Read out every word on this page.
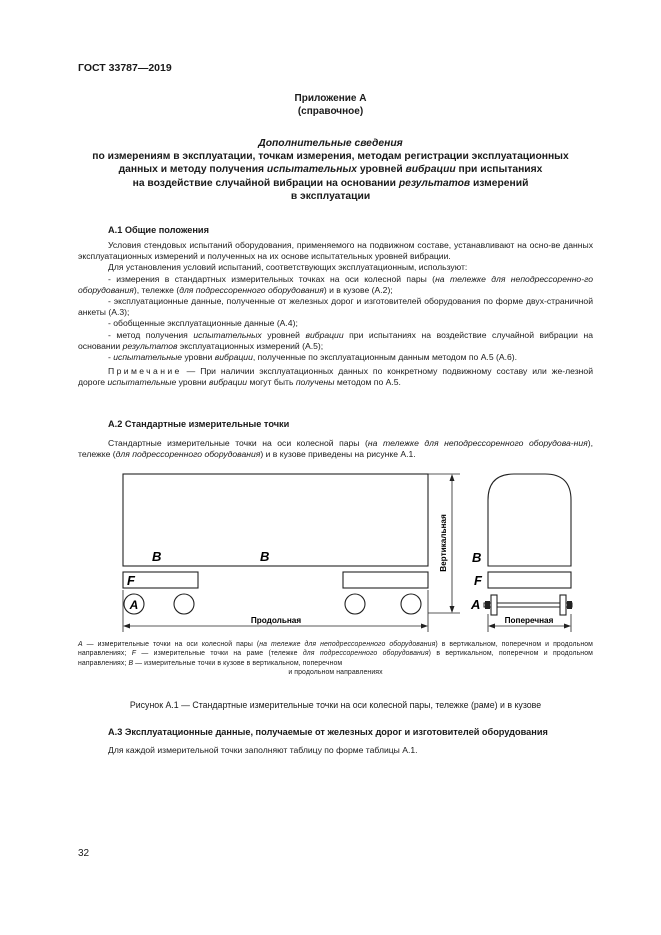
ГОСТ 33787—2019
Приложение А
(справочное)
Дополнительные сведения
по измерениям в эксплуатации, точкам измерения, методам регистрации эксплуатационных
данных и методу получения испытательных уровней вибрации при испытаниях
на воздействие случайной вибрации на основании результатов измерений
в эксплуатации
А.1 Общие положения

Условия стендовых испытаний оборудования, применяемого на подвижном составе, устанавливают на осно-ве данных эксплуатационных измерений и полученных на их основе испытательных уровней вибрации.

Для установления условий испытаний, соответствующих эксплуатационным, используют:

- измерения в стандартных измерительных точках на оси колесной пары (на тележке для неподрессоренно-го оборудования), тележке (для подрессоренного оборудования) и в кузове (А.2);

- эксплуатационные данные, полученные от железных дорог и изготовителей оборудования по форме двух-страничной анкеты (А.3);

- обобщенные эксплуатационные данные (А.4);

- метод получения испытательных уровней вибрации при испытаниях на воздействие случайной вибрации на основании результатов эксплуатационных измерений (А.5);

- испытательные уровни вибрации, полученные по эксплуатационным данным методом по А.5 (А.6).

Примечание — При наличии эксплуатационных данных по конкретному подвижному составу или же-лезной дороге испытательные уровни вибрации могут быть получены методом по А.5.

А.2 Стандартные измерительные точки

Стандартные измерительные точки на оси колесной пары (на тележке для неподрессоренного оборудова-ния), тележке (для подрессоренного оборудования) и в кузове приведены на рисунке А.1.

B	B
F
A
Продольная
Вертикальная B
F
A
Поперечная
А — измерительные точки на оси колесной пары (на тележке для неподрессоренного оборудования) в вертикальном, поперечном и продольном направлениях; F — измерительные точки на раме (тележке для подрессоренного оборудования) в вертикальном, поперечном и продольном направлениях; B — измерительные точки в кузове в вертикальном, поперечном
и продольном направлениях
Рисунок А.1 — Стандартные измерительные точки на оси колесной пары, тележке (раме) и в кузове
А.3 Эксплуатационные данные, получаемые от железных дорог и изготовителей оборудования

Для каждой измерительной точки заполняют таблицу по форме таблицы А.1.

32
